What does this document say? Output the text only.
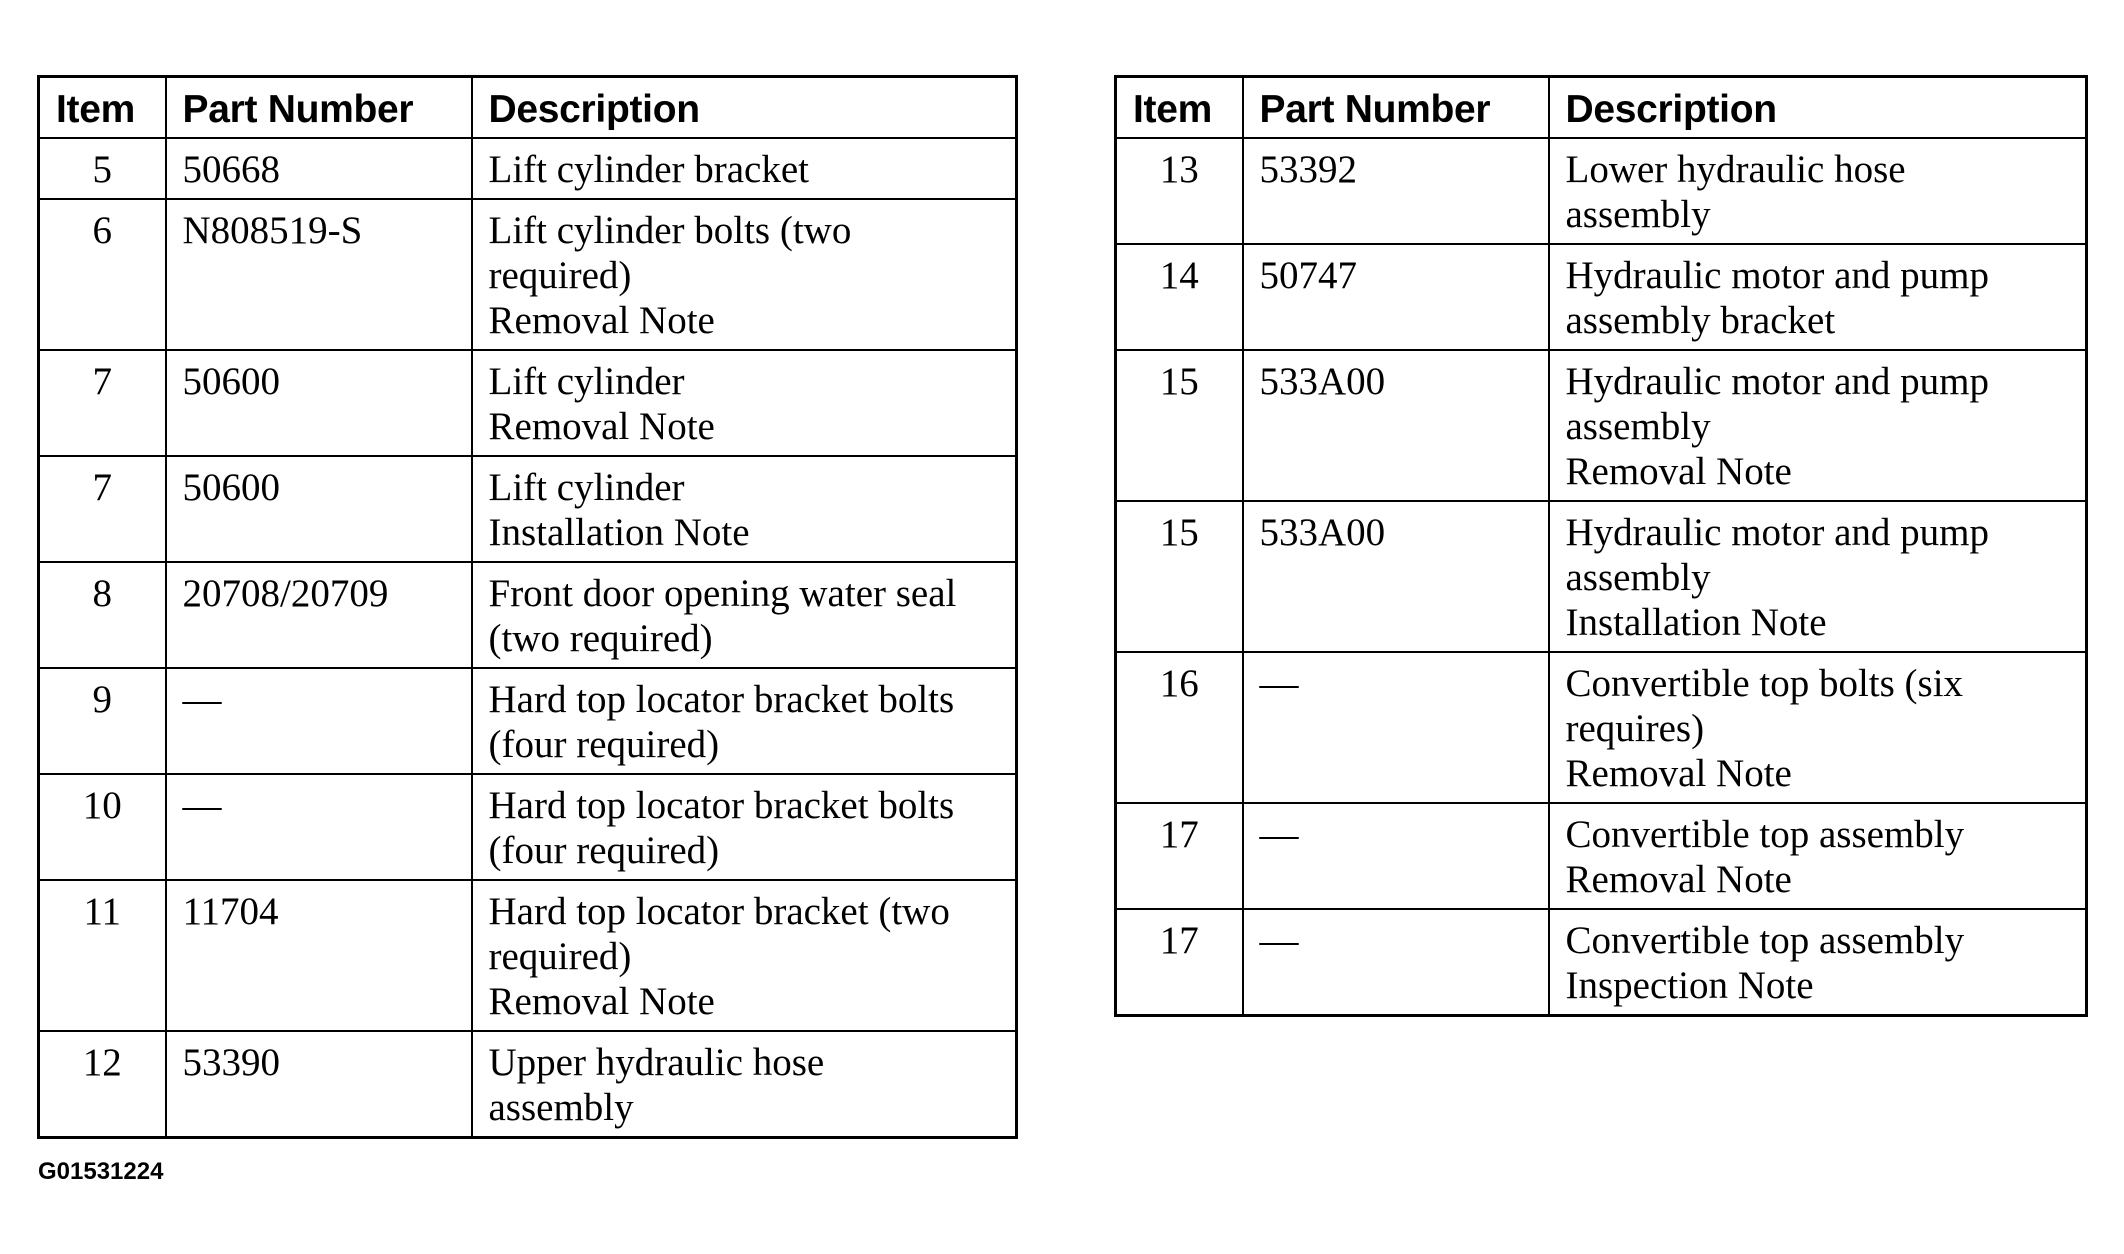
Item	Part Number	Description
5	50668	Lift cylinder bracket

6	N808519-S	Lift cylinder bolts (two
required)
Removal Note

7	50600	Lift cylinder
Removal Note

7	50600	Lift cylinder
Installation Note

8	20708/20709	Front door opening water seal
(two required)

9	—	Hard top locator bracket bolts
(four required)

10	—	Hard top locator bracket bolts
(four required)

11	11704	Hard top locator bracket (two
required)
Removal Note

12	53390	Upper hydraulic hose
assembly
Item	Part Number	Description
13	53392	Lower hydraulic hose
assembly

14	50747	Hydraulic motor and pump
assembly bracket

15	533A00	Hydraulic motor and pump
assembly
Removal Note

15	533A00	Hydraulic motor and pump
assembly
Installation Note

16	—	Convertible top bolts (six
requires)
Removal Note

17	—	Convertible top assembly
Removal Note

17	—	Convertible top assembly
Inspection Note
G01531224
